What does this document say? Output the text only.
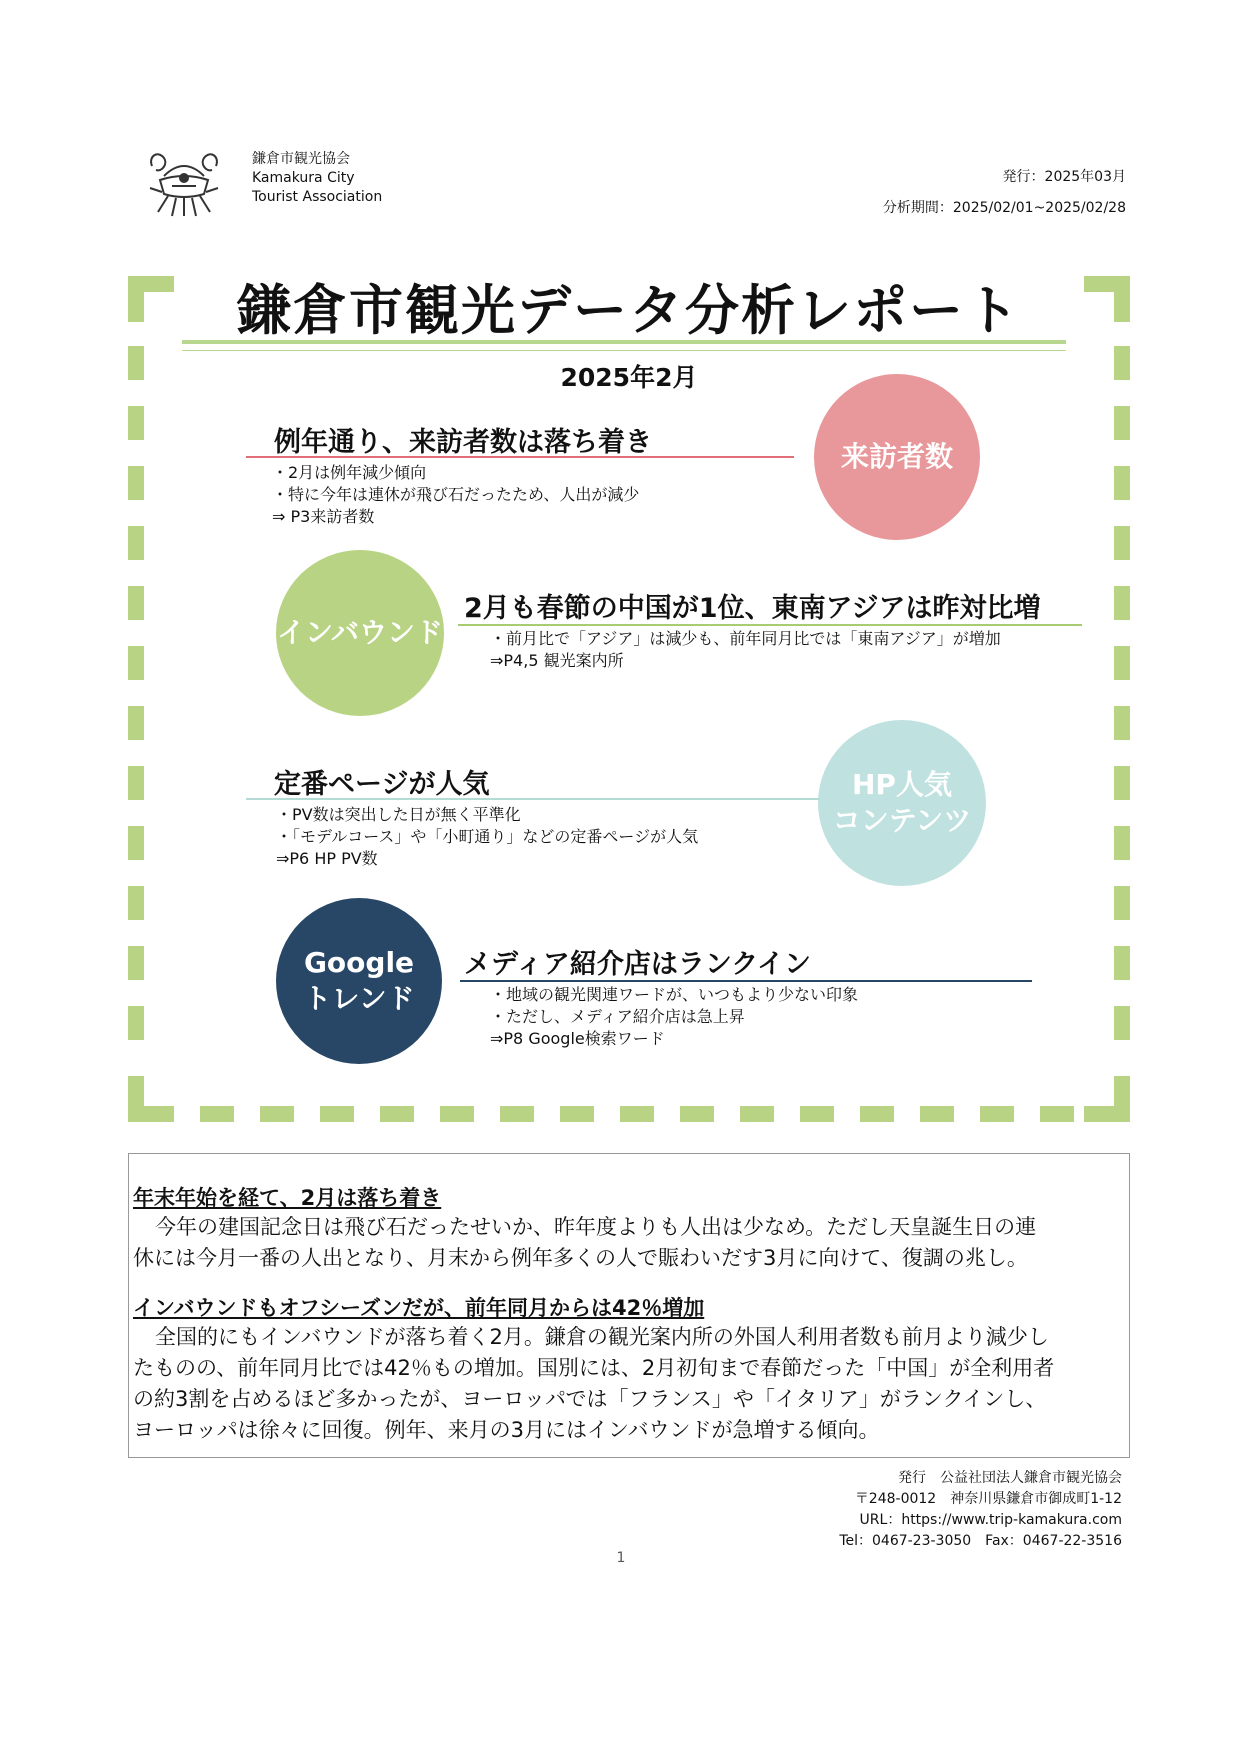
鎌倉市観光協会
Kamakura City
Tourist Association
発行：2025年03月
分析期間：2025/02/01~2025/02/28
鎌倉市観光データ分析レポート
2025年2月
来訪者数
例年通り、来訪者数は落ち着き
・2月は例年減少傾向
・特に今年は連休が飛び石だったため、人出が減少
⇒ P3来訪者数
インバウンド
2月も春節の中国が1位、東南アジアは昨対比増
・前月比で「アジア」は減少も、前年同月比では「東南アジア」が増加
⇒P4,5 観光案内所
HP人気
コンテンツ
定番ページが人気
・PV数は突出した日が無く平準化
・「モデルコース」や「小町通り」などの定番ページが人気
⇒P6 HP PV数
Google
トレンド
メディア紹介店はランクイン
・地域の観光関連ワードが、いつもより少ない印象
・ただし、メディア紹介店は急上昇
⇒P8 Google検索ワード
年末年始を経て、2月は落ち着き
今年の建国記念日は飛び石だったせいか、昨年度よりも人出は少なめ。ただし天皇誕生日の連
休には今月一番の人出となり、月末から例年多くの人で賑わいだす3月に向けて、復調の兆し。
インバウンドもオフシーズンだが、前年同月からは42％増加
全国的にもインバウンドが落ち着く2月。鎌倉の観光案内所の外国人利用者数も前月より減少し
たものの、前年同月比では42％もの増加。国別には、2月初旬まで春節だった「中国」が全利用者
の約3割を占めるほど多かったが、ヨーロッパでは「フランス」や「イタリア」がランクインし、
ヨーロッパは徐々に回復。例年、来月の3月にはインバウンドが急増する傾向。
発行　公益社団法人鎌倉市観光協会
〒248-0012　神奈川県鎌倉市御成町1-12
URL：https://www.trip-kamakura.com
Tel：0467-23-3050　Fax：0467-22-3516
1
